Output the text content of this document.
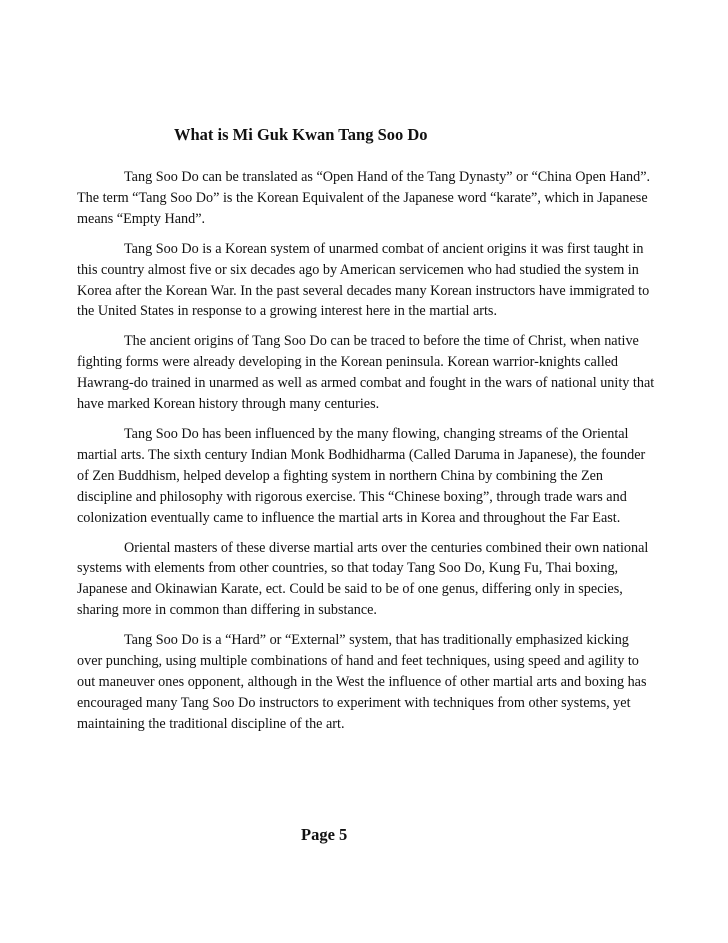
What is Mi Guk Kwan Tang Soo Do

Tang Soo Do can be translated as “Open Hand of the Tang Dynasty” or “China Open Hand”. The term “Tang Soo Do” is the Korean Equivalent of the Japanese word “karate”, which in Japanese means “Empty Hand”.

Tang Soo Do is a Korean system of unarmed combat of ancient origins it was first taught in this country almost five or six decades ago by American servicemen who had studied the system in Korea after the Korean War. In the past several decades many Korean instructors have immigrated to the United States in response to a growing interest here in the martial arts.

The ancient origins of Tang Soo Do can be traced to before the time of Christ, when native fighting forms were already developing in the Korean peninsula. Korean warrior-knights called Hawrang-do trained in unarmed as well as armed combat and fought in the wars of national unity that have marked Korean history through many centuries.

Tang Soo Do has been influenced by the many flowing, changing streams of the Oriental martial arts. The sixth century Indian Monk Bodhidharma (Called Daruma in Japanese), the founder of Zen Buddhism, helped develop a fighting system in northern China by combining the Zen discipline and philosophy with rigorous exercise. This “Chinese boxing”, through trade wars and colonization eventually came to influence the martial arts in Korea and throughout the Far East.

Oriental masters of these diverse martial arts over the centuries combined their own national systems with elements from other countries, so that today Tang Soo Do, Kung Fu, Thai boxing, Japanese and Okinawian Karate, ect. Could be said to be of one genus, differing only in species, sharing more in common than differing in substance.

Tang Soo Do is a “Hard” or “External” system, that has traditionally emphasized kicking over punching, using multiple combinations of hand and feet techniques, using speed and agility to out maneuver ones opponent, although in the West the influence of other martial arts and boxing has encouraged many Tang Soo Do instructors to experiment with techniques from other systems, yet maintaining the traditional discipline of the art.

Page 5
